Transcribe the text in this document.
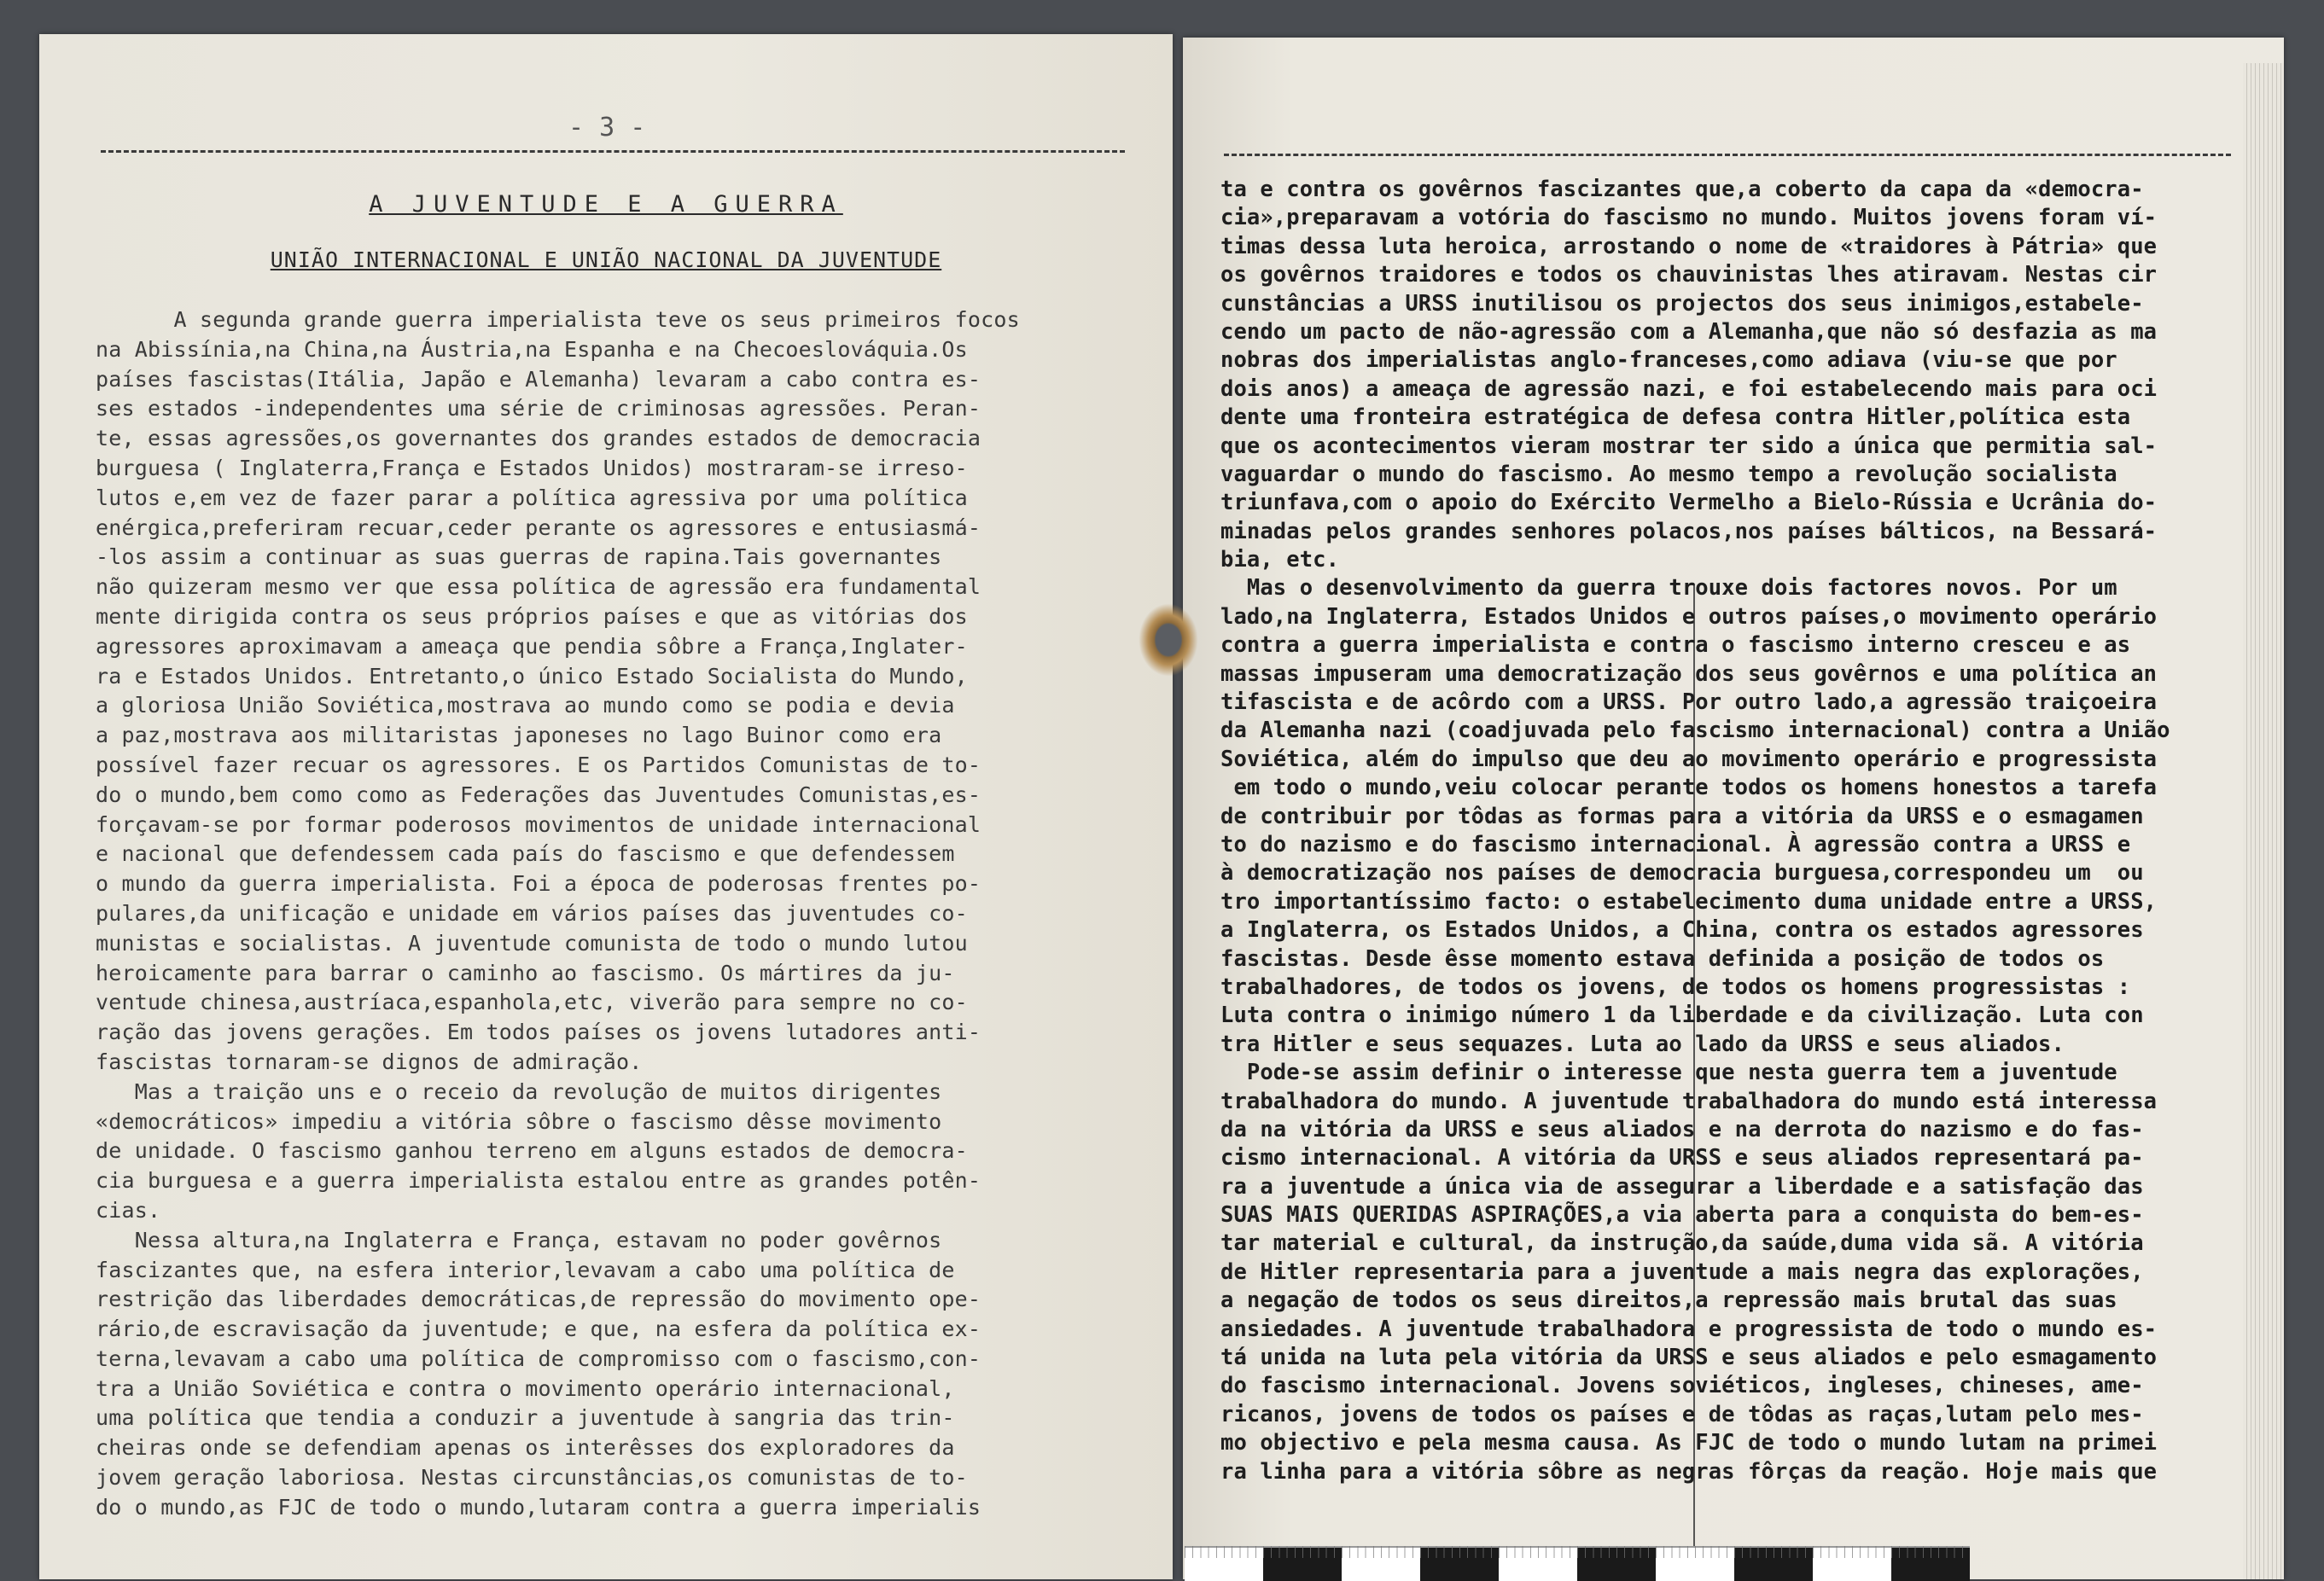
- 3 -
A JUVENTUDE E A GUERRA
UNIÃO INTERNACIONAL E UNIÃO NACIONAL DA JUVENTUDE
A segunda grande guerra imperialista teve os seus primeiros focos
na Abissínia,na China,na Áustria,na Espanha e na Checoeslováquia.Os
países fascistas(Itália, Japão e Alemanha) levaram a cabo contra es-
ses estados -independentes uma série de criminosas agressões. Peran-
te, essas agressões,os governantes dos grandes estados de democracia
burguesa ( Inglaterra,França e Estados Unidos) mostraram-se irreso-
lutos e,em vez de fazer parar a política agressiva por uma política
enérgica,preferiram recuar,ceder perante os agressores e entusiasmá-
-los assim a continuar as suas guerras de rapina.Tais governantes
não quizeram mesmo ver que essa política de agressão era fundamental
mente dirigida contra os seus próprios países e que as vitórias dos
agressores aproximavam a ameaça que pendia sôbre a França,Inglater-
ra e Estados Unidos. Entretanto,o único Estado Socialista do Mundo,
a gloriosa União Soviética,mostrava ao mundo como se podia e devia
a paz,mostrava aos militaristas japoneses no lago Buinor como era
possível fazer recuar os agressores. E os Partidos Comunistas de to-
do o mundo,bem como como as Federações das Juventudes Comunistas,es-
forçavam-se por formar poderosos movimentos de unidade internacional
e nacional que defendessem cada país do fascismo e que defendessem
o mundo da guerra imperialista. Foi a época de poderosas frentes po-
pulares,da unificação e unidade em vários países das juventudes co-
munistas e socialistas. A juventude comunista de todo o mundo lutou
heroicamente para barrar o caminho ao fascismo. Os mártires da ju-
ventude chinesa,austríaca,espanhola,etc, viverão para sempre no co-
ração das jovens gerações. Em todos países os jovens lutadores anti-
fascistas tornaram-se dignos de admiração.
Mas a traição uns e o receio da revolução de muitos dirigentes
«democráticos» impediu a vitória sôbre o fascismo dêsse movimento
de unidade. O fascismo ganhou terreno em alguns estados de democra-
cia burguesa e a guerra imperialista estalou entre as grandes potên-
cias.
Nessa altura,na Inglaterra e França, estavam no poder govêrnos
fascizantes que, na esfera interior,levavam a cabo uma política de
restrição das liberdades democráticas,de repressão do movimento ope-
rário,de escravisação da juventude; e que, na esfera da política ex-
terna,levavam a cabo uma política de compromisso com o fascismo,con-
tra a União Soviética e contra o movimento operário internacional,
uma política que tendia a conduzir a juventude à sangria das trin-
cheiras onde se defendiam apenas os interêsses dos exploradores da
jovem geração laboriosa. Nestas circunstâncias,os comunistas de to-
do o mundo,as FJC de todo o mundo,lutaram contra a guerra imperialis
ta e contra os govêrnos fascizantes que,a coberto da capa da «democra-
cia»,preparavam a votória do fascismo no mundo. Muitos jovens foram ví-
timas dessa luta heroica, arrostando o nome de «traidores à Pátria» que
os govêrnos traidores e todos os chauvinistas lhes atiravam. Nestas cir
cunstâncias a URSS inutilisou os projectos dos seus inimigos,estabele-
cendo um pacto de não-agressão com a Alemanha,que não só desfazia as ma
nobras dos imperialistas anglo-franceses,como adiava (viu-se que por
dois anos) a ameaça de agressão nazi, e foi estabelecendo mais para oci
dente uma fronteira estratégica de defesa contra Hitler,política esta
que os acontecimentos vieram mostrar ter sido a única que permitia sal-
vaguardar o mundo do fascismo. Ao mesmo tempo a revolução socialista
triunfava,com o apoio do Exército Vermelho a Bielo-Rússia e Ucrânia do-
minadas pelos grandes senhores polacos,nos países bálticos, na Bessará-
bia, etc.
Mas o desenvolvimento da guerra trouxe dois factores novos. Por um
lado,na Inglaterra, Estados Unidos e outros países,o movimento operário
contra a guerra imperialista e contra o fascismo interno cresceu e as
massas impuseram uma democratização dos seus govêrnos e uma política an
tifascista e de acôrdo com a URSS. Por outro lado,a agressão traiçoeira
da Alemanha nazi (coadjuvada pelo fascismo internacional) contra a União
Soviética, além do impulso que deu ao movimento operário e progressista
em todo o mundo,veiu colocar perante todos os homens honestos a tarefa
de contribuir por tôdas as formas para a vitória da URSS e o esmagamen
to do nazismo e do fascismo internacional. À agressão contra a URSS e
à democratização nos países de democracia burguesa,correspondeu um  ou
tro importantíssimo facto: o estabelecimento duma unidade entre a URSS,
a Inglaterra, os Estados Unidos, a China, contra os estados agressores
fascistas. Desde êsse momento estava definida a posição de todos os
trabalhadores, de todos os jovens, de todos os homens progressistas :
Luta contra o inimigo número 1 da liberdade e da civilização. Luta con
tra Hitler e seus sequazes. Luta ao lado da URSS e seus aliados.
Pode-se assim definir o interesse que nesta guerra tem a juventude
trabalhadora do mundo. A juventude trabalhadora do mundo está interessa
da na vitória da URSS e seus aliados e na derrota do nazismo e do fas-
cismo internacional. A vitória da URSS e seus aliados representará pa-
ra a juventude a única via de assegurar a liberdade e a satisfação das
SUAS MAIS QUERIDAS ASPIRAÇÕES,a via aberta para a conquista do bem-es-
tar material e cultural, da instrução,da saúde,duma vida sã. A vitória
de Hitler representaria para a juventude a mais negra das explorações,
a negação de todos os seus direitos,a repressão mais brutal das suas
ansiedades. A juventude trabalhadora e progressista de todo o mundo es-
tá unida na luta pela vitória da URSS e seus aliados e pelo esmagamento
do fascismo internacional. Jovens soviéticos, ingleses, chineses, ame-
ricanos, jovens de todos os países e de tôdas as raças,lutam pelo mes-
mo objectivo e pela mesma causa. As FJC de todo o mundo lutam na primei
ra linha para a vitória sôbre as negras fôrças da reação. Hoje mais que
